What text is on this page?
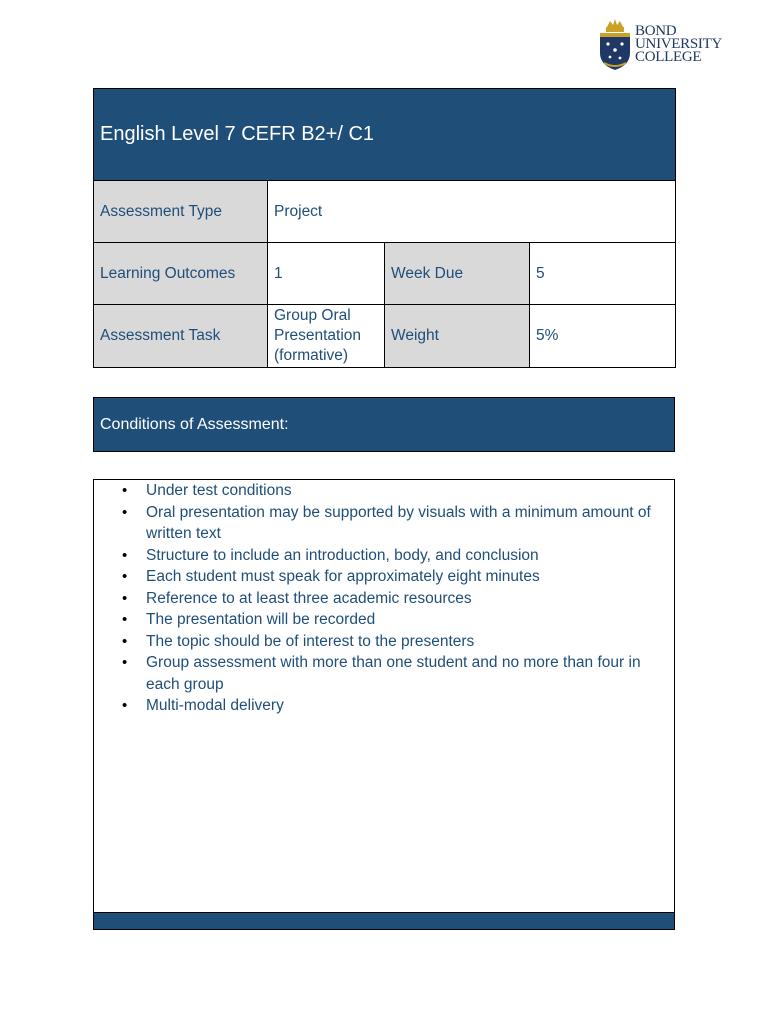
BOND
UNIVERSITY
COLLEGE
English Level 7 CEFR B2+/ C1			
Assessment Type	Project		
Learning Outcomes	1	Week Due	5
Assessment Task	Group Oral Presentation (formative)	Weight	5%
Conditions of Assessment:
• Under test conditions
• Oral presentation may be supported by visuals with a minimum amount of written text
• Structure to include an introduction, body, and conclusion
• Each student must speak for approximately eight minutes
• Reference to at least three academic resources
• The presentation will be recorded
• The topic should be of interest to the presenters
• Group assessment with more than one student and no more than four in each group
• Multi-modal delivery
